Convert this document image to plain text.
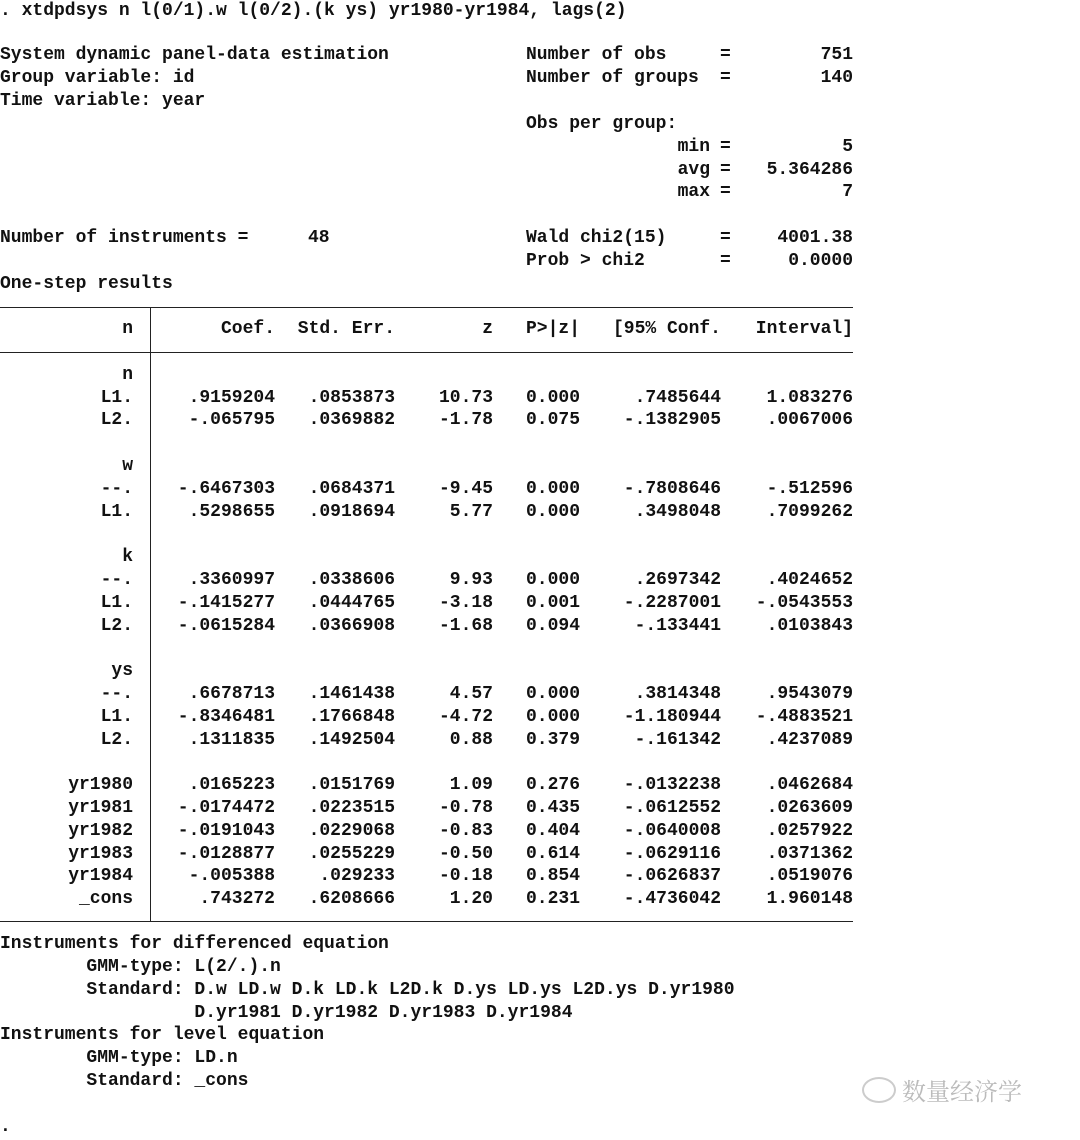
. xtdpdsys n l(0/1).w l(0/2).(k ys) yr1980-yr1984, lags(2)
System dynamic panel-data estimation
Group variable: id
Time variable: year
Number of obs	=	751
Number of groups =	140
Obs per group:
min =	5
avg =	5.364286
max =	7
Number of instruments =	48	Wald chi2(15)	=	4001.38
Prob > chi2	=	0.0000
One-step results
n	Coef.	Std. Err.	z	P>|z|	[95% Conf.	Interval]
n
L1.	.9159204	.0853873	10.73	0.000	.7485644	1.083276
L2.	-.065795	.0369882	-1.78	0.075	-.1382905	.0067006
w
--.	-.6467303	.0684371	-9.45	0.000	-.7808646	-.512596
L1.	.5298655	.0918694	5.77	0.000	.3498048	.7099262
k
--.	.3360997	.0338606	9.93	0.000	.2697342	.4024652
L1.	-.1415277	.0444765	-3.18	0.001	-.2287001	-.0543553
L2.	-.0615284	.0366908	-1.68	0.094	-.133441	.0103843
ys
--.	.6678713	.1461438	4.57	0.000	.3814348	.9543079
L1.	-.8346481	.1766848	-4.72	0.000	-1.180944	-.4883521
L2.	.1311835	.1492504	0.88	0.379	-.161342	.4237089
yr1980	.0165223	.0151769	1.09	0.276	-.0132238	.0462684
yr1981	-.0174472	.0223515	-0.78	0.435	-.0612552	.0263609
yr1982	-.0191043	.0229068	-0.83	0.404	-.0640008	.0257922
yr1983	-.0128877	.0255229	-0.50	0.614	-.0629116	.0371362
yr1984	-.005388	.029233	-0.18	0.854	-.0626837	.0519076
_cons	.743272	.6208666	1.20	0.231	-.4736042	1.960148
Instruments for differenced equation
GMM-type: L(2/.).n
Standard: D.w LD.w D.k LD.k L2D.k D.ys LD.ys L2D.ys D.yr1980
D.yr1981 D.yr1982 D.yr1983 D.yr1984
Instruments for level equation
GMM-type: LD.n
Standard: _cons
.
数量经济学
